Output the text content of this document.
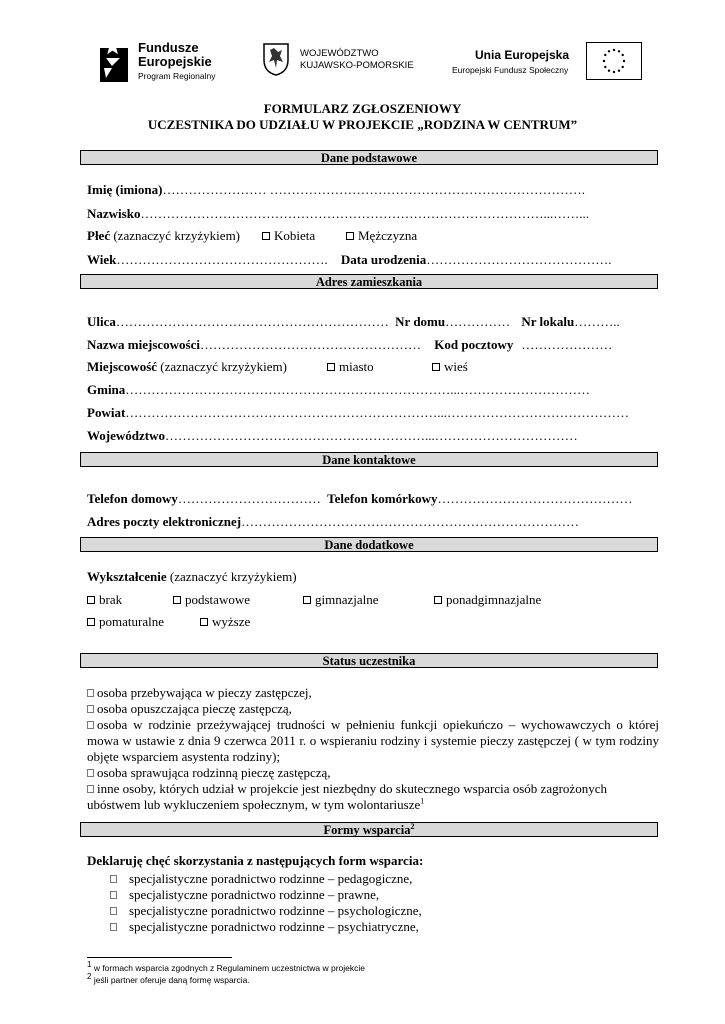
Fundusze
Europejskie
Program Regionalny
WOJEWÓDZTWO
KUJAWSKO-POMORSKIE
Unia Europejska
Europejski Fundusz Społeczny
FORMULARZ ZGŁOSZENIOWY
UCZESTNIKA DO UDZIAŁU W PROJEKCIE „RODZINA W CENTRUM”
Dane podstawowe
Imię (imiona)…………………… ……………………………………………………………….
Nazwisko…………………………………………………………………………………...……...
Płeć (zaznaczyć krzyżykiem)	Kobieta	Mężczyzna
Wiek…………………………………………. Data urodzenia…………………………………….
Adres zamieszkania
Ulica……………………………………………………… Nr domu…………… Nr lokalu………..
Nazwa miejscowości…………………………………………… Kod pocztowy …………………
Miejscowość (zaznaczyć krzyżykiem)	miasto	wieś
Gmina…………………………………………………………………...…………………………
Powiat………………………………………………………………...……………………………………
Województwo……………………………………………………...……………………………
Dane kontaktowe
Telefon domowy…………………………… Telefon komórkowy………………………………………
Adres poczty elektronicznej……………………………………………………………………
Dane dodatkowe
Wykształcenie (zaznaczyć krzyżykiem)
brak	podstawowe	gimnazjalne	ponadgimnazjalne
pomaturalne	wyższe
Status uczestnika

osoba przebywająca w pieczy zastępczej,

osoba opuszczająca pieczę zastępczą,

osoba w rodzinie przeżywającej trudności w pełnieniu funkcji opiekuńczo – wychowawczych o której mowa w ustawie z dnia 9 czerwca 2011 r. o wspieraniu rodziny i systemie pieczy zastępczej ( w tym rodziny objęte wsparciem asystenta rodziny);

osoba sprawująca rodzinną pieczę zastępczą,

inne osoby, których udział w projekcie jest niezbędny do skutecznego wsparcia osób zagrożonych ubóstwem lub wykluczeniem społecznym, w tym wolontariusze$^1$

Formy wsparcia$^2$
Deklaruję chęć skorzystania z następujących form wsparcia:
specjalistyczne poradnictwo rodzinne – pedagogiczne,
specjalistyczne poradnictwo rodzinne – prawne,
specjalistyczne poradnictwo rodzinne – psychologiczne,
specjalistyczne poradnictwo rodzinne – psychiatryczne,
$^1$ w formach wsparcia zgodnych z Regulaminem uczestnictwa w projekcie
$^2$ jeśli partner oferuje daną formę wsparcia.
